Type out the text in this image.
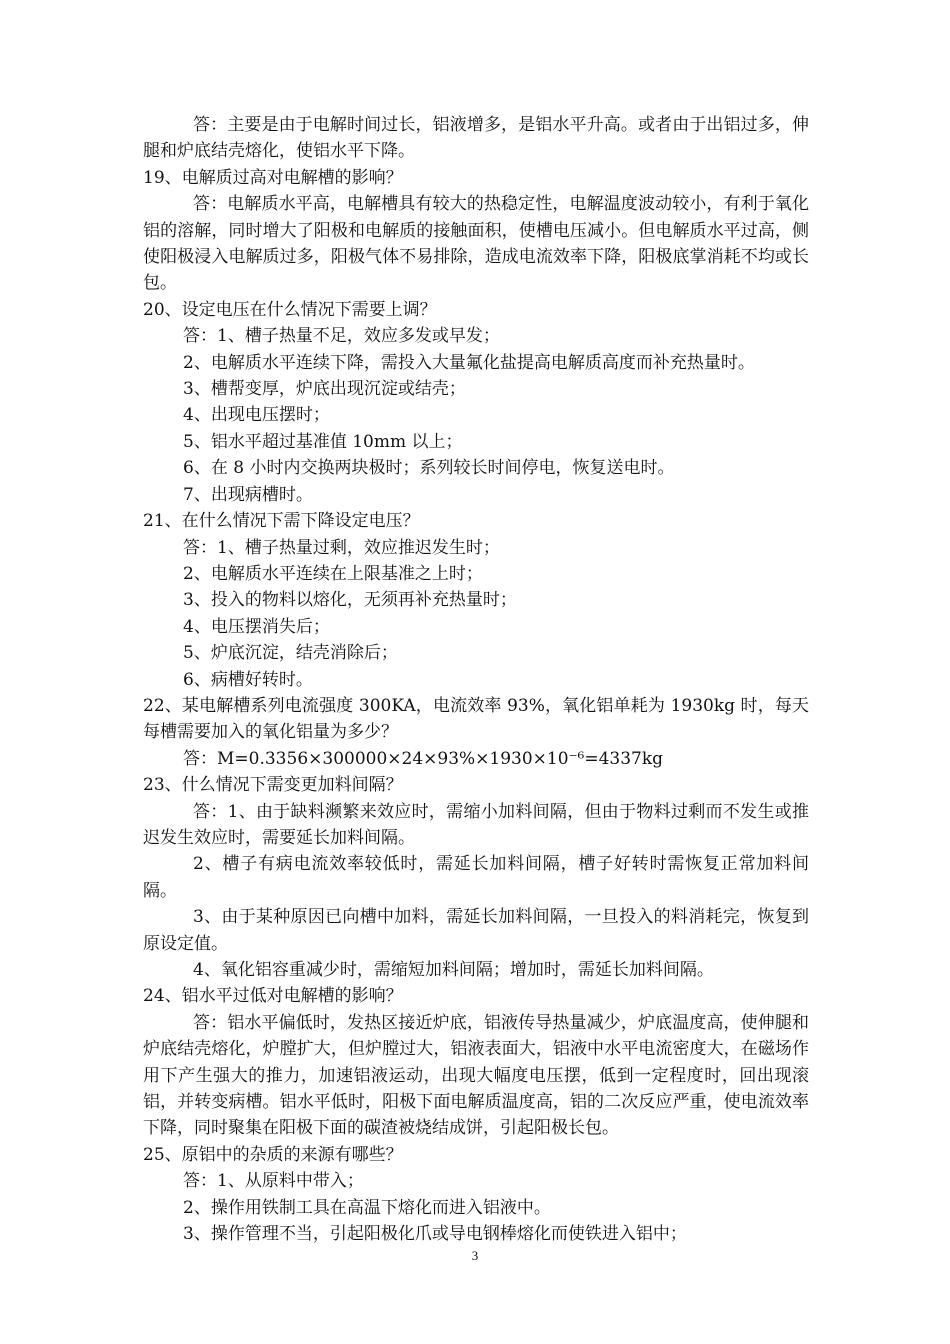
答：主要是由于电解时间过长，铝液增多，是铝水平升高。或者由于出铝过多，伸腿和炉底结壳熔化，使铝水平下降。

19、电解质过高对电解槽的影响？

答：电解质水平高，电解槽具有较大的热稳定性，电解温度波动较小，有利于氧化铝的溶解，同时增大了阳极和电解质的接触面积，使槽电压减小。但电解质水平过高，侧使阳极浸入电解质过多，阳极气体不易排除，造成电流效率下降，阳极底掌消耗不均或长包。

20、设定电压在什么情况下需要上调？

答：1、槽子热量不足，效应多发或早发；

2、电解质水平连续下降，需投入大量氟化盐提高电解质高度而补充热量时。

3、槽帮变厚，炉底出现沉淀或结壳；

4、出现电压摆时；

5、铝水平超过基准值 10mm 以上；

6、在 8 小时内交换两块极时；系列较长时间停电，恢复送电时。

7、出现病槽时。

21、在什么情况下需下降设定电压？

答：1、槽子热量过剩，效应推迟发生时；

2、电解质水平连续在上限基准之上时；

3、投入的物料以熔化，无须再补充热量时；

4、电压摆消失后；

5、炉底沉淀，结壳消除后；

6、病槽好转时。

22、某电解槽系列电流强度 300KA，电流效率 93%，氧化铝单耗为 1930kg 时，每天每槽需要加入的氧化铝量为多少？

答：M=0.3356×300000×24×93%×1930×10⁻⁶=4337kg

23、什么情况下需变更加料间隔？

答：1、由于缺料濒繁来效应时，需缩小加料间隔，但由于物料过剩而不发生或推迟发生效应时，需要延长加料间隔。

2、槽子有病电流效率较低时，需延长加料间隔，槽子好转时需恢复正常加料间隔。

3、由于某种原因已向槽中加料，需延长加料间隔，一旦投入的料消耗完，恢复到原设定值。

4、氧化铝容重减少时，需缩短加料间隔；增加时，需延长加料间隔。

24、铝水平过低对电解槽的影响？

答：铝水平偏低时，发热区接近炉底，铝液传导热量减少，炉底温度高，使伸腿和炉底结壳熔化，炉膛扩大，但炉膛过大，铝液表面大，铝液中水平电流密度大，在磁场作用下产生强大的推力，加速铝液运动，出现大幅度电压摆，低到一定程度时，回出现滚铝，并转变病槽。铝水平低时，阳极下面电解质温度高，铝的二次反应严重，使电流效率下降，同时聚集在阳极下面的碳渣被烧结成饼，引起阳极长包。

25、原铝中的杂质的来源有哪些？

答：1、从原料中带入；

2、操作用铁制工具在高温下熔化而进入铝液中。

3、操作管理不当，引起阳极化爪或导电钢棒熔化而使铁进入铝中；

3
